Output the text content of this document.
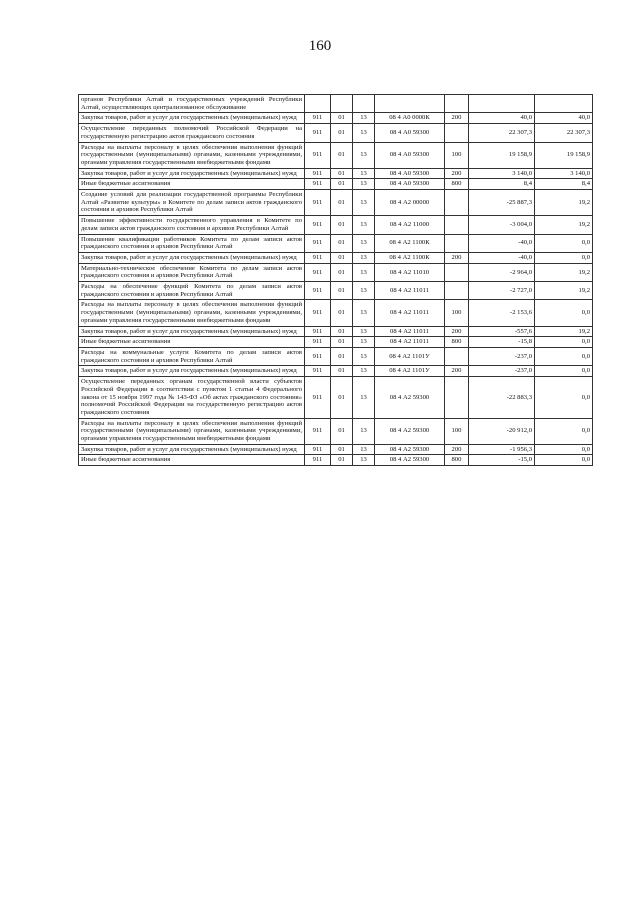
160
органов Республики Алтай и государственных учреждений Республики Алтай, осуществляющих централизованное обслуживание							
Закупка товаров, работ и услуг для государственных (муниципальных) нужд	911	01	13	08 4 А0 0000К	200	40,0	40,0
Осуществление переданных полномочий Российской Федерации на государственную регистрацию актов гражданского состояния	911	01	13	08 4 А0 59300		22 307,3	22 307,3
Расходы на выплаты персоналу в целях обеспечения выполнения функций государственными (муниципальными) органами, казенными учреждениями, органами управления государственными внебюджетными фондами	911	01	13	08 4 А0 59300	100	19 158,9	19 158,9
Закупка товаров, работ и услуг для государственных (муниципальных) нужд	911	01	13	08 4 А0 59300	200	3 140,0	3 140,0
Иные бюджетные ассигнования	911	01	13	08 4 А0 59300	800	8,4	8,4
Создание условий для реализации государственной программы Республики Алтай «Развитие культуры» в Комитете по делам записи актов гражданского состояния и архивов Республики Алтай	911	01	13	08 4 А2 00000		-25 887,3	19,2
Повышение эффективности государственного управления в Комитете по делам записи актов гражданского состояния и архивов Республики Алтай	911	01	13	08 4 А2 11000		-3 004,0	19,2
Повышение квалификации работников Комитета по делам записи актов гражданского состояния и архивов Республики Алтай	911	01	13	08 4 А2 1100К		-40,0	0,0
Закупка товаров, работ и услуг для государственных (муниципальных) нужд	911	01	13	08 4 А2 1100К	200	-40,0	0,0
Материально-техническое обеспечение Комитета по делам записи актов гражданского состояния и архивов Республики Алтай	911	01	13	08 4 А2 11010		-2 964,0	19,2
Расходы на обеспечение функций Комитета по делам записи актов гражданского состояния и архивов Республики Алтай	911	01	13	08 4 А2 11011		-2 727,0	19,2
Расходы на выплаты персоналу в целях обеспечения выполнения функций государственными (муниципальными) органами, казенными учреждениями, органами управления государственными внебюджетными фондами	911	01	13	08 4 А2 11011	100	-2 153,6	0,0
Закупка товаров, работ и услуг для государственных (муниципальных) нужд	911	01	13	08 4 А2 11011	200	-557,6	19,2
Иные бюджетные ассигнования	911	01	13	08 4 А2 11011	800	-15,8	0,0
Расходы на коммунальные услуги Комитета по делам записи актов гражданского состояния и архивов Республики Алтай	911	01	13	08 4 А2 1101У		-237,0	0,0
Закупка товаров, работ и услуг для государственных (муниципальных) нужд	911	01	13	08 4 А2 1101У	200	-237,0	0,0
Осуществление переданных органам государственной власти субъектов Российской Федерации в соответствии с пунктом 1 статьи 4 Федерального закона от 15 ноября 1997 года № 143-ФЗ «Об актах гражданского состояния» полномочий Российской Федерации на государственную регистрацию актов гражданского состояния	911	01	13	08 4 А2 59300		-22 883,3	0,0
Расходы на выплаты персоналу в целях обеспечения выполнения функций государственными (муниципальными) органами, казенными учреждениями, органами управления государственными внебюджетными фондами	911	01	13	08 4 А2 59300	100	-20 912,0	0,0
Закупка товаров, работ и услуг для государственных (муниципальных) нужд	911	01	13	08 4 А2 59300	200	-1 956,3	0,0
Иные бюджетные ассигнования	911	01	13	08 4 А2 59300	800	-15,0	0,0
